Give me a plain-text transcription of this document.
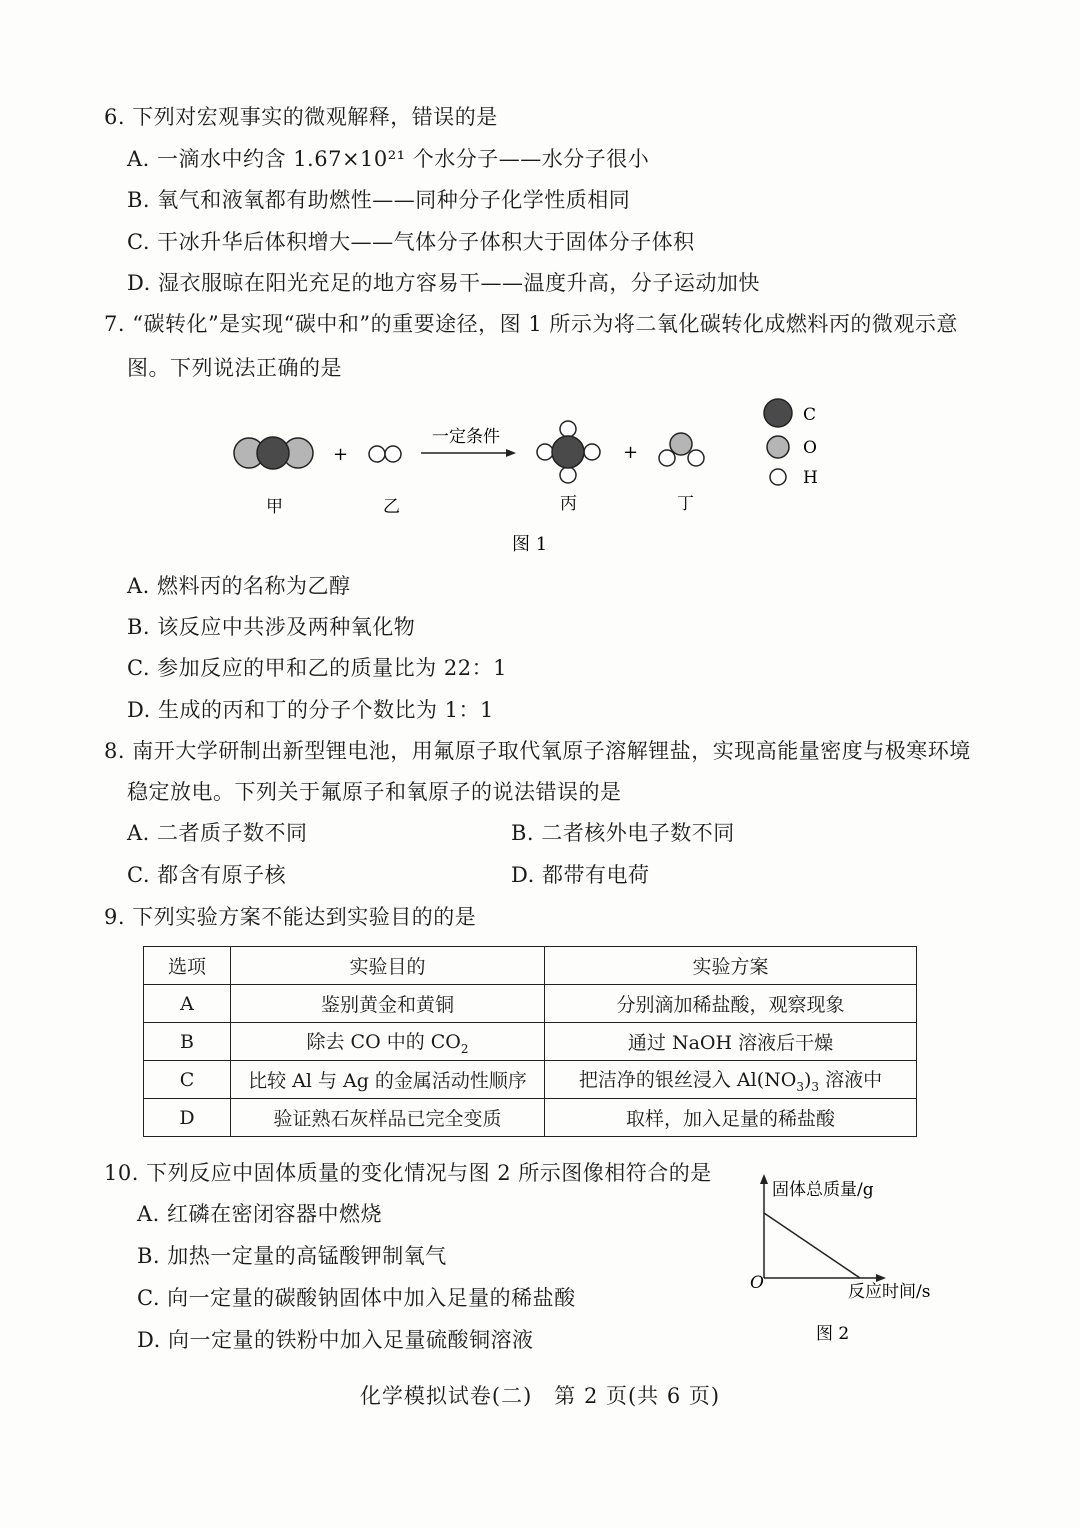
6. 下列对宏观事实的微观解释，错误的是
A. 一滴水中约含 1.67×10²¹ 个水分子——水分子很小
B. 氧气和液氧都有助燃性——同种分子化学性质相同
C. 干冰升华后体积增大——气体分子体积大于固体分子体积
D. 湿衣服晾在阳光充足的地方容易干——温度升高，分子运动加快
7. “碳转化”是实现“碳中和”的重要途径，图 1 所示为将二氧化碳转化成燃料丙的微观示意
图。下列说法正确的是
+
一定条件
+
甲	乙	丙	丁
C
O
H
图 1
A. 燃料丙的名称为乙醇
B. 该反应中共涉及两种氧化物
C. 参加反应的甲和乙的质量比为 22：1
D. 生成的丙和丁的分子个数比为 1：1
8. 南开大学研制出新型锂电池，用氟原子取代氧原子溶解锂盐，实现高能量密度与极寒环境
稳定放电。下列关于氟原子和氧原子的说法错误的是
A. 二者质子数不同	B. 二者核外电子数不同
C. 都含有原子核	D. 都带有电荷
9. 下列实验方案不能达到实验目的的是
选项	实验目的	实验方案
A	鉴别黄金和黄铜	分别滴加稀盐酸，观察现象
B	除去 CO 中的 $CO_2$	通过 NaOH 溶液后干燥
C	比较 Al 与 Ag 的金属活动性顺序	把洁净的银丝浸入 $Al(NO_3)_3$ 溶液中
D	验证熟石灰样品已完全变质	取样，加入足量的稀盐酸
10. 下列反应中固体质量的变化情况与图 2 所示图像相符合的是
A. 红磷在密闭容器中燃烧
B. 加热一定量的高锰酸钾制氧气
C. 向一定量的碳酸钠固体中加入足量的稀盐酸
D. 向一定量的铁粉中加入足量硫酸铜溶液
固体总质量/g
O	反应时间/s
图 2
化学模拟试卷(二)　第 2 页(共 6 页)
